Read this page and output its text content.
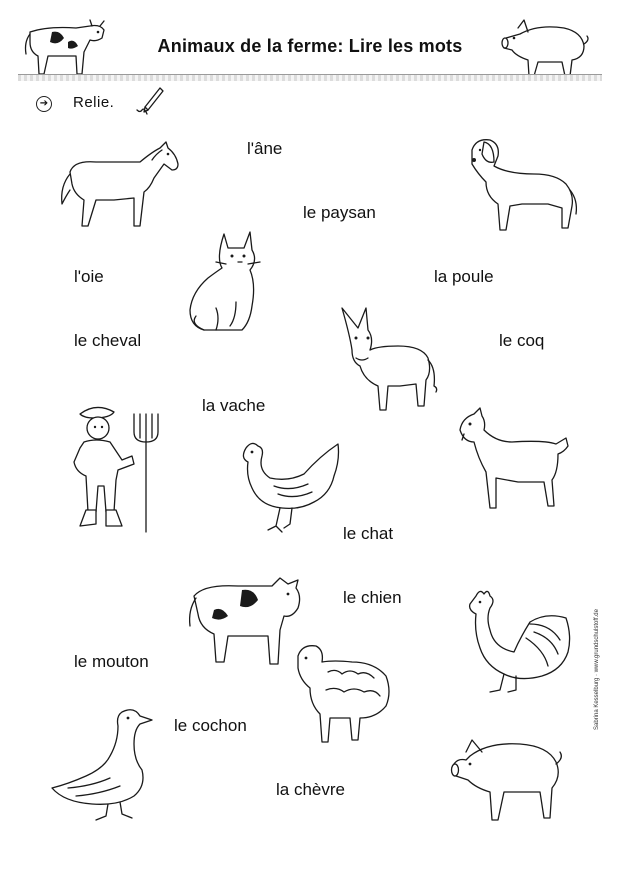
Animaux de la ferme: Lire les mots
➔ Relie.
l'âne
le paysan
l'oie	la poule
le cheval	le coq
la vache
le chat
le chien
le mouton
le cochon
la chèvre
Sabrina Kesselburg · www.grundschulstoff.de
